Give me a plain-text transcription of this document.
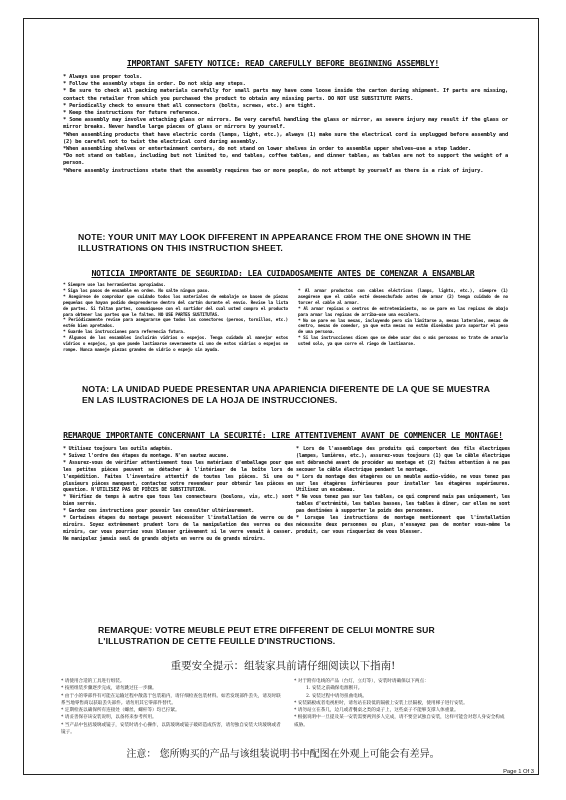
IMPORTANT SAFETY NOTICE: READ CAREFULLY BEFORE BEGINNING ASSEMBLY!
* Always use proper tools.
* Follow the assembly steps in order. Do not skip any steps.
* Be sure to check all packing materials carefully for small parts may have come loose inside the carton during shipment. If parts are missing, contact the retailer from which you purchased the product to obtain any missing parts. DO NOT USE SUBSTITUTE PARTS.
* Periodically check to ensure that all connectors (bolts, screws, etc.) are tight.
* Keep the instructions for future reference.
* Some assembly may involve attaching glass or mirrors. Be very careful handling the glass or mirror, as severe injury may result if the glass or mirror breaks. Never handle large pieces of glass or mirrors by yourself.
*When assembling products that have electric cords (lamps, light, etc.), always (1) make sure the electrical cord is unplugged before assembly and (2) be careful not to twist the electrical cord during assembly.
*When assembling shelves or entertainment centers, do not stand on lower shelves in order to assemble upper shelves—use a step ladder.
*Do not stand on tables, including but not limited to, end tables, coffee tables, and dinner tables, as tables are not to support the weight of a person.
*Where assembly instructions state that the assembly requires two or more people, do not attempt by yourself as there is a risk of injury.
NOTE: YOUR UNIT MAY LOOK DIFFERENT IN APPEARANCE FROM THE ONE SHOWN IN THE ILLUSTRATIONS ON THIS INSTRUCTION SHEET.
NOTICIA IMPORTANTE DE SEGURIDAD: LEA CUIDADOSAMENTE ANTES DE COMENZAR A ENSAMBLAR
* Siempre use las herramientas apropiadas.
* Siga los pasos de ensamble en orden. No salte ningun paso.
* Asegúrese de comprobar que cuidado todos los materiales de embalaje se basen de piezas pequeñas que hayan podido desprenderse dentro del cartón durante el envío. Revise la lista de partes. Si faltan partes, comuníquese con el surtidor del cual usted compro el producto para obtener las partes que le falten. NO USE PARTES SUSTITUTAS.
* Periódicamente revise para asegurarse que todos los conectores (pernos, tornillos, etc.) estén bien apretados.
* Guarde las instrucciones para referencia futura.
* Algunos de los ensambles incluirán vidrios o espejos. Tenga cuidado al manejar estos vidrios o espejos, ya que puede lastimarse severamente si uno de estos vidrios o espejos se rompe. Nunca maneje piezas grandes de vidrio o espejo sin ayuda.
* Al armar productos con cables eléctricos (lamps, lights, etc.), siempre (1) asegúrese que el cable esté desenchufado antes de armar (2) tenga cuidado de no torcer el cable al armar.
* Al armar repisas o centros de entretenimiento, no se pare en las repisas de abajo para armar las repisas de arriba—use una escalera.
* No se pare en las mesas, incluyendo pero sin limitarse a, mesas laterales, mesas de centro, mesas de comedor, ya que esta mesas no están diseñadas para soportar el peso de una persona.
* Si las instrucciones dicen que se debe usar dos o más personas no trate de armarlo usted solo, ya que corre el riego de lastimarse.
NOTA: LA UNIDAD PUEDE PRESENTAR UNA APARIENCIA DIFERENTE DE LA QUE SE MUESTRA EN LAS ILUSTRACIONES DE LA HOJA DE INSTRUCCIONES.
REMARQUE IMPORTANTE CONCERNANT LA SECURITÉ: LIRE ATTENTIVEMENT AVANT DE COMMENCER LE MONTAGE!
* Utilisez toujours les outils adaptés.
* Suivez l'ordre des étapes du montage. N'en sautez aucune.
* Assurez-vous de vérifier attentivement tous les matériaux d'emballage pour que les petites pièces peuvent se détacher à l'intérieur de la boîte lors de l'expédition. Faites l'inventaire attentif de toutes les pièces. Si une ou plusieurs pièces manquent, contactez votre revendeur pour obtenir les pièces en question. N'UTILISEZ PAS DE PIÈCES DE SUBSTITUTION.
* Vérifiez de temps à autre que tous les connecteurs (boulons, vis, etc.) sont bien serrés.
* Gardez ces instructions pour pouvoir les consulter ultérieurement.
* Certaines étapes du montage peuvent nécessiter l'installation de verre ou de miroirs. Soyez extrêmement prudent lors de la manipulation des verres ou des miroirs, car vous pourriez vous blesser grièvement si le verre venait à casser. Ne manipulez jamais seul de grands objets en verre ou de grands miroirs.
* Lors de l'assemblage des produits qui comportent des fils électriques (lampes, lumières, etc.), assurez-vous toujours (1) que le câble électrique est débranché avant de procéder au montage et (2) faites attention à ne pas secouer le câble électrique pendant le montage.
* Lors du montage des étagères ou un meuble audio-vidéo, ne vous tenez pas sur les étagères inférieures pour installer les étagères supérieures. Utilisez un escabeau.
* Ne vous tenez pas sur les tables, ce qui comprend mais pas uniquement, les tables d'extrémité, les tables basses, les tables à dîner, car elles ne sont pas destinées à supporter le poids des personnes.
* Lorsque les instructions de montage mentionnent que l'installation nécessite deux personnes ou plus, n'essayez pas de monter vous-même le produit, car vous risqueriez de vous blesser.
REMARQUE: VOTRE MEUBLE PEUT ETRE DIFFERENT DE CELUI MONTRE SUR L'ILLUSTRATION DE CETTE FEUILLE D'INSTRUCTIONS.
重要安全提示：组装家具前请仔细阅读以下指南!
* 请使用合适的工具进行组装。
* 按照组装步骤逐步完成，请勿跳过任一步骤。
* 由于小的零部件有可能在运输过程中散落于包装箱内，请仔细检查包装材料。如若发现部件丢失，请及时联系当地零售商以获取丢失部件。请勿用其它零部件替代。
* 定期检查以确保所有连接处（螺丝，螺杆等）均已拧紧。
* 请妥善保存该安装说明，以备将来参考所用。
* 当产品中包括玻璃或镜子，安装时请小心操作，以防玻璃或镜子破碎造成伤害，请勿独自安装大块玻璃或者镜子。
* 对于附有电线的产品（台灯，立灯等），安装时请确保以下两点：
1. 安装之前确保电源断开。
2. 安装过程中请勿扭曲电线。
* 安装隔板或者电视柜时，请勿站在较低的隔板上安装上层隔板，使用梯子进行安装。
* 请勿站立在茶几，边几或者餐桌之类的桌子上，这些桌子不能够支撑人体重量。
* 根据说明中一旦提及某一安装需要两到多人完成，请不要尝试独自安装，这样可能会对您人身安全构成威胁。
注意： 您所购买的产品与该组装说明书中配图在外观上可能会有差异。
Page 1 Of 3
